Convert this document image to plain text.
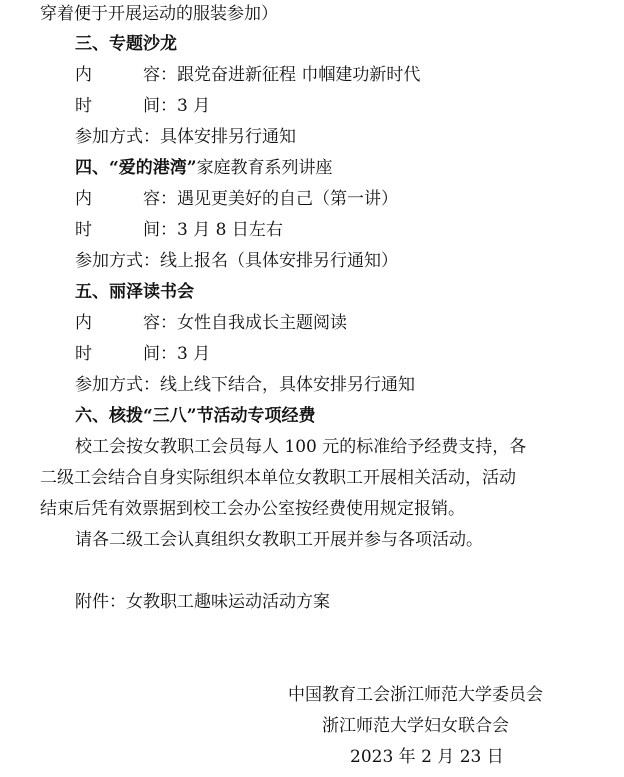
穿着便于开展运动的服装参加）
三、专题沙龙
内	容：跟党奋进新征程 巾帼建功新时代
时	间：3 月
参加方式：具体安排另行通知
四、“爱的港湾”家庭教育系列讲座
内	容：遇见更美好的自己（第一讲）
时	间：3 月 8 日左右
参加方式：线上报名（具体安排另行通知）
五、丽泽读书会
内	容：女性自我成长主题阅读
时	间：3 月
参加方式：线上线下结合，具体安排另行通知
六、核拨“三八”节活动专项经费
校工会按女教职工会员每人 100 元的标准给予经费支持，各
二级工会结合自身实际组织本单位女教职工开展相关活动，活动
结束后凭有效票据到校工会办公室按经费使用规定报销。
请各二级工会认真组织女教职工开展并参与各项活动。
附件：女教职工趣味运动活动方案
中国教育工会浙江师范大学委员会
浙江师范大学妇女联合会
2023 年 2 月 23 日
